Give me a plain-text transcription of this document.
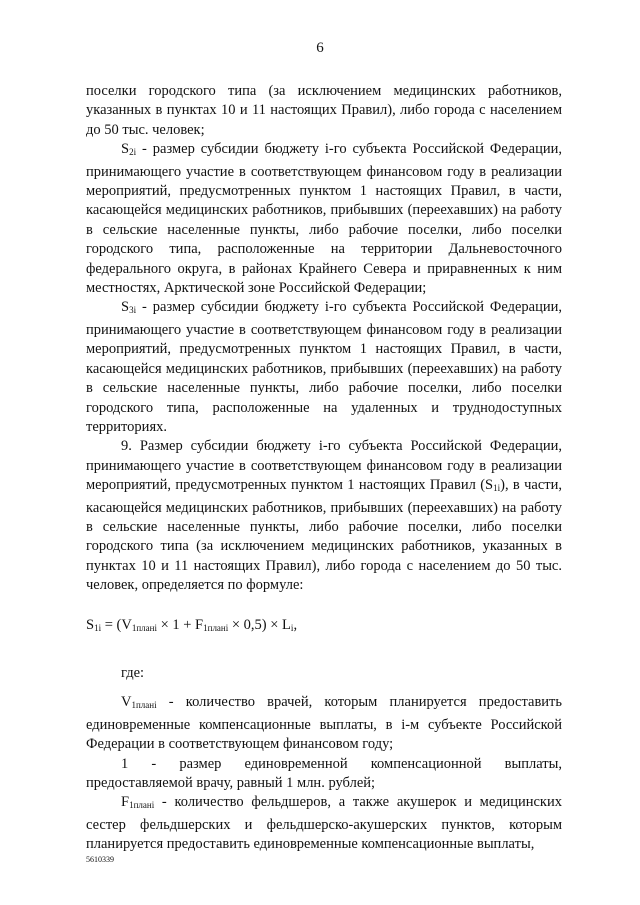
6

поселки городского типа (за исключением медицинских работников, указанных в пунктах 10 и 11 настоящих Правил), либо города с населением до 50 тыс. человек;

$S_{2i}$ - размер субсидии бюджету i-го субъекта Российской Федерации, принимающего участие в соответствующем финансовом году в реализации мероприятий, предусмотренных пунктом 1 настоящих Правил, в части, касающейся медицинских работников, прибывших (переехавших) на работу в сельские населенные пункты, либо рабочие поселки, либо поселки городского типа, расположенные на территории Дальневосточного федерального округа, в районах Крайнего Севера и приравненных к ним местностях, Арктической зоне Российской Федерации;

$S_{3i}$ - размер субсидии бюджету i-го субъекта Российской Федерации, принимающего участие в соответствующем финансовом году в реализации мероприятий, предусмотренных пунктом 1 настоящих Правил, в части, касающейся медицинских работников, прибывших (переехавших) на работу в сельские населенные пункты, либо рабочие поселки, либо поселки городского типа, расположенные на удаленных и труднодоступных территориях.

9. Размер субсидии бюджету i-го субъекта Российской Федерации, принимающего участие в соответствующем финансовом году в реализации мероприятий, предусмотренных пунктом 1 настоящих Правил $(S_{1i})$, в части, касающейся медицинских работников, прибывших (переехавших) на работу в сельские населенные пункты, либо рабочие поселки, либо поселки городского типа (за исключением медицинских работников, указанных в пунктах 10 и 11 настоящих Правил), либо города с населением до 50 тыс. человек, определяется по формуле:

$S_{1i} = (V_{1планi} \times 1 + F_{1планi} \times 0,5) \times L_i$,

где:

$V_{1планi}$ - количество врачей, которым планируется предоставить единовременные компенсационные выплаты, в i-м субъекте Российской Федерации в соответствующем финансовом году;

1 - размер единовременной компенсационной выплаты, предоставляемой врачу, равный 1 млн. рублей;

$F_{1планi}$ - количество фельдшеров, а также акушерок и медицинских сестер фельдшерских и фельдшерско-акушерских пунктов, которым планируется предоставить единовременные компенсационные выплаты,

5610339
